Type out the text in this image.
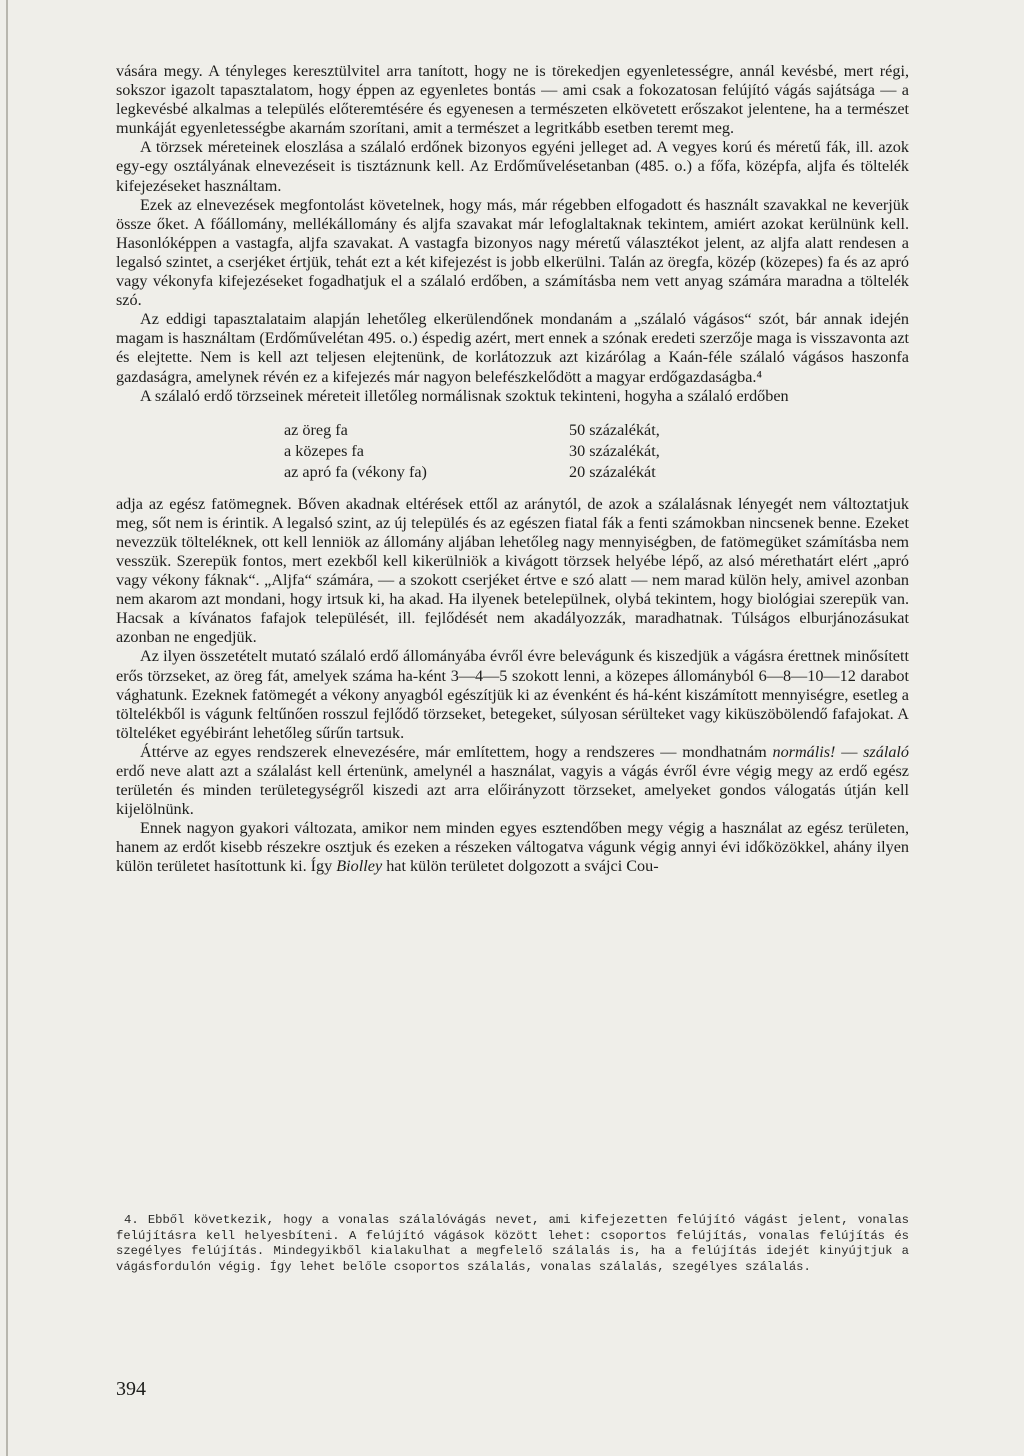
vására megy. A tényleges keresztülvitel arra tanított, hogy ne is törekedjen egyenletességre, annál kevésbé, mert régi, sokszor igazolt tapasztalatom, hogy éppen az egyenletes bontás — ami csak a fokozatosan felújító vágás sajátsága — a legkevésbé alkalmas a település előteremtésére és egyenesen a természeten elkövetett erőszakot jelentene, ha a természet munkáját egyenletességbe akarnám szorítani, amit a természet a legritkább esetben teremt meg.

A törzsek méreteinek eloszlása a szálaló erdőnek bizonyos egyéni jelleget ad. A vegyes korú és méretű fák, ill. azok egy-egy osztályának elnevezéseit is tisztáznunk kell. Az Erdőművelésetanban (485. o.) a főfa, középfa, aljfa és töltelék kifejezéseket használtam.

Ezek az elnevezések megfontolást követelnek, hogy más, már régebben elfogadott és használt szavakkal ne keverjük össze őket. A főállomány, mellékállomány és aljfa szavakat már lefoglaltaknak tekintem, amiért azokat kerülnünk kell. Hasonlóképpen a vastagfa, aljfa szavakat. A vastagfa bizonyos nagy méretű választékot jelent, az aljfa alatt rendesen a legalsó szintet, a cserjéket értjük, tehát ezt a két kifejezést is jobb elkerülni. Talán az öregfa, közép (közepes) fa és az apró vagy vékonyfa kifejezéseket fogadhatjuk el a szálaló erdőben, a számításba nem vett anyag számára maradna a töltelék szó.

Az eddigi tapasztalataim alapján lehetőleg elkerülendőnek mondanám a „szálaló vágásos“ szót, bár annak idején magam is használtam (Erdőművelétan 495. o.) éspedig azért, mert ennek a szónak eredeti szerzője maga is visszavonta azt és elejtette. Nem is kell azt teljesen elejtenünk, de korlátozzuk azt kizárólag a Kaán-féle szálaló vágásos haszonfa gazdaságra, amelynek révén ez a kifejezés már nagyon belefészkelődött a magyar erdőgazdaságba.⁴

A szálaló erdő törzseinek méreteit illetőleg normálisnak szoktuk tekinteni, hogyha a szálaló erdőben

az öreg fa	50 százalékát,
a közepes fa	30 százalékát,
az apró fa (vékony fa)	20 százalékát

adja az egész fatömegnek. Bőven akadnak eltérések ettől az aránytól, de azok a szálalásnak lényegét nem változtatjuk meg, sőt nem is érintik. A legalsó szint, az új település és az egészen fiatal fák a fenti számokban nincsenek benne. Ezeket nevezzük tölteléknek, ott kell lenniök az állomány aljában lehetőleg nagy mennyiségben, de fatömegüket számításba nem vesszük. Szerepük fontos, mert ezekből kell kikerülniök a kivágott törzsek helyébe lépő, az alsó mérethatárt elért „apró vagy vékony fáknak“. „Aljfa“ számára, — a szokott cserjéket értve e szó alatt — nem marad külön hely, amivel azonban nem akarom azt mondani, hogy irtsuk ki, ha akad. Ha ilyenek betelepülnek, olybá tekintem, hogy biológiai szerepük van. Hacsak a kívánatos fafajok települését, ill. fejlődését nem akadályozzák, maradhatnak. Túlságos elburjánozásukat azonban ne engedjük.

Az ilyen összetételt mutató szálaló erdő állományába évről évre belevágunk és kiszedjük a vágásra érettnek minősített erős törzseket, az öreg fát, amelyek száma ha-ként 3—4—5 szokott lenni, a közepes állományból 6—8—10—12 darabot vághatunk. Ezeknek fatömegét a vékony anyagból egészítjük ki az évenként és há-ként kiszámított mennyiségre, esetleg a töltelékből is vágunk feltűnően rosszul fejlődő törzseket, betegeket, súlyosan sérülteket vagy kiküszöbölendő fafajokat. A tölteléket egyébiránt lehetőleg sűrűn tartsuk.

Áttérve az egyes rendszerek elnevezésére, már említettem, hogy a rendszeres — mondhatnám normális! — szálaló erdő neve alatt azt a szálalást kell értenünk, amelynél a használat, vagyis a vágás évről évre végig megy az erdő egész területén és minden területegységről kiszedi azt arra előirányzott törzseket, amelyeket gondos válogatás útján kell kijelölnünk.

Ennek nagyon gyakori változata, amikor nem minden egyes esztendőben megy végig a használat az egész területen, hanem az erdőt kisebb részekre osztjuk és ezeken a részeken váltogatva vágunk végig annyi évi időközökkel, ahány ilyen külön területet hasítottunk ki. Így Biolley hat külön területet dolgozott a svájci Cou-

4. Ebből következik, hogy a vonalas szálalóvágás nevet, ami kifejezetten felújító vágást jelent, vonalas felújításra kell helyesbíteni. A felújító vágások között lehet: csoportos felújítás, vonalas felújítás és szegélyes felújítás. Mindegyikből kialakulhat a megfelelő szálalás is, ha a felújítás idejét kinyújtjuk a vágásfordulón végig. Így lehet belőle csoportos szálalás, vonalas szálalás, szegélyes szálalás.

394
